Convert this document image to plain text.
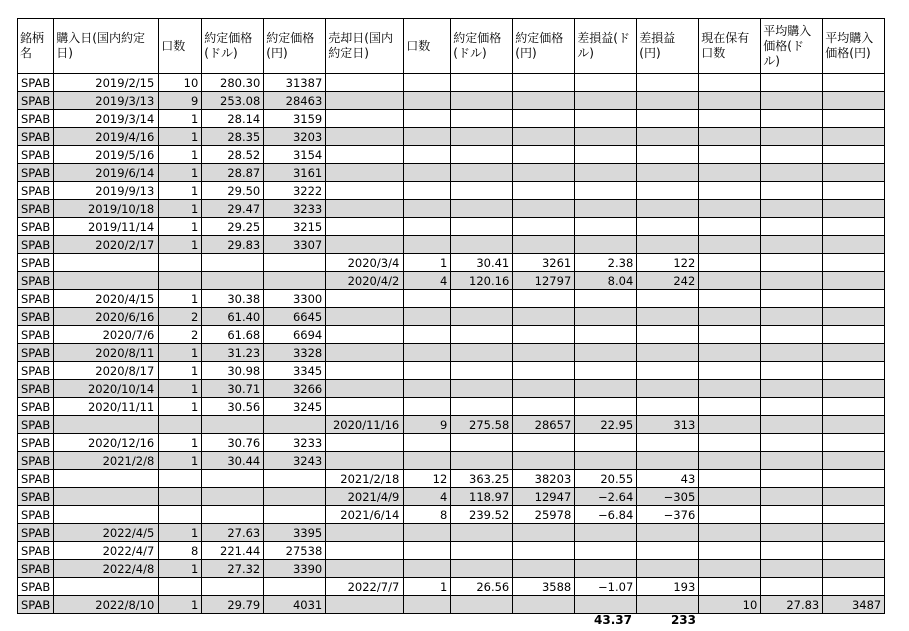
銘柄名	購入日(国内約定日)	口数	約定価格(ドル)	約定価格(円)	売却日(国内約定日)	口数	約定価格(ドル)	約定価格(円)	差損益(ドル)	差損益(円)	現在保有口数	平均購入価格(ドル)	平均購入価格(円)
SPAB	2019/2/15	10	280.30	31387									
SPAB	2019/3/13	9	253.08	28463									
SPAB	2019/3/14	1	28.14	3159									
SPAB	2019/4/16	1	28.35	3203									
SPAB	2019/5/16	1	28.52	3154									
SPAB	2019/6/14	1	28.87	3161									
SPAB	2019/9/13	1	29.50	3222									
SPAB	2019/10/18	1	29.47	3233									
SPAB	2019/11/14	1	29.25	3215									
SPAB	2020/2/17	1	29.83	3307									
SPAB					2020/3/4	1	30.41	3261	2.38	122			
SPAB					2020/4/2	4	120.16	12797	8.04	242			
SPAB	2020/4/15	1	30.38	3300									
SPAB	2020/6/16	2	61.40	6645									
SPAB	2020/7/6	2	61.68	6694									
SPAB	2020/8/11	1	31.23	3328									
SPAB	2020/8/17	1	30.98	3345									
SPAB	2020/10/14	1	30.71	3266									
SPAB	2020/11/11	1	30.56	3245									
SPAB					2020/11/16	9	275.58	28657	22.95	313			
SPAB	2020/12/16	1	30.76	3233									
SPAB	2021/2/8	1	30.44	3243									
SPAB					2021/2/18	12	363.25	38203	20.55	43			
SPAB					2021/4/9	4	118.97	12947	−2.64	−305			
SPAB					2021/6/14	8	239.52	25978	−6.84	−376			
SPAB	2022/4/5	1	27.63	3395									
SPAB	2022/4/7	8	221.44	27538									
SPAB	2022/4/8	1	27.32	3390									
SPAB					2022/7/7	1	26.56	3588	−1.07	193			
SPAB	2022/8/10	1	29.79	4031							10	27.83	3487
43.37	233
